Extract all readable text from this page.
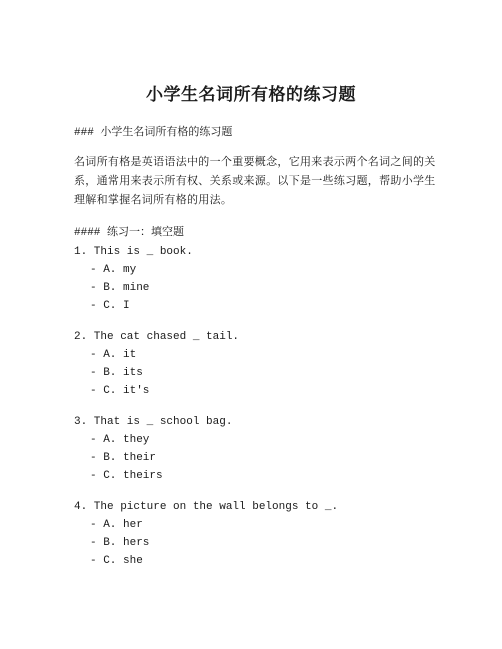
小学生名词所有格的练习题
### 小学生名词所有格的练习题
名词所有格是英语语法中的一个重要概念，它用来表示两个名词之间的关系，通常用来表示所有权、关系或来源。以下是一些练习题，帮助小学生理解和掌握名词所有格的用法。
#### 练习一：填空题
1. This is _ book.
- A. my
- B. mine
- C. I
2. The cat chased _ tail.
- A. it
- B. its
- C. it's
3. That is _ school bag.
- A. they
- B. their
- C. theirs
4. The picture on the wall belongs to _.
- A. her
- B. hers
- C. she
